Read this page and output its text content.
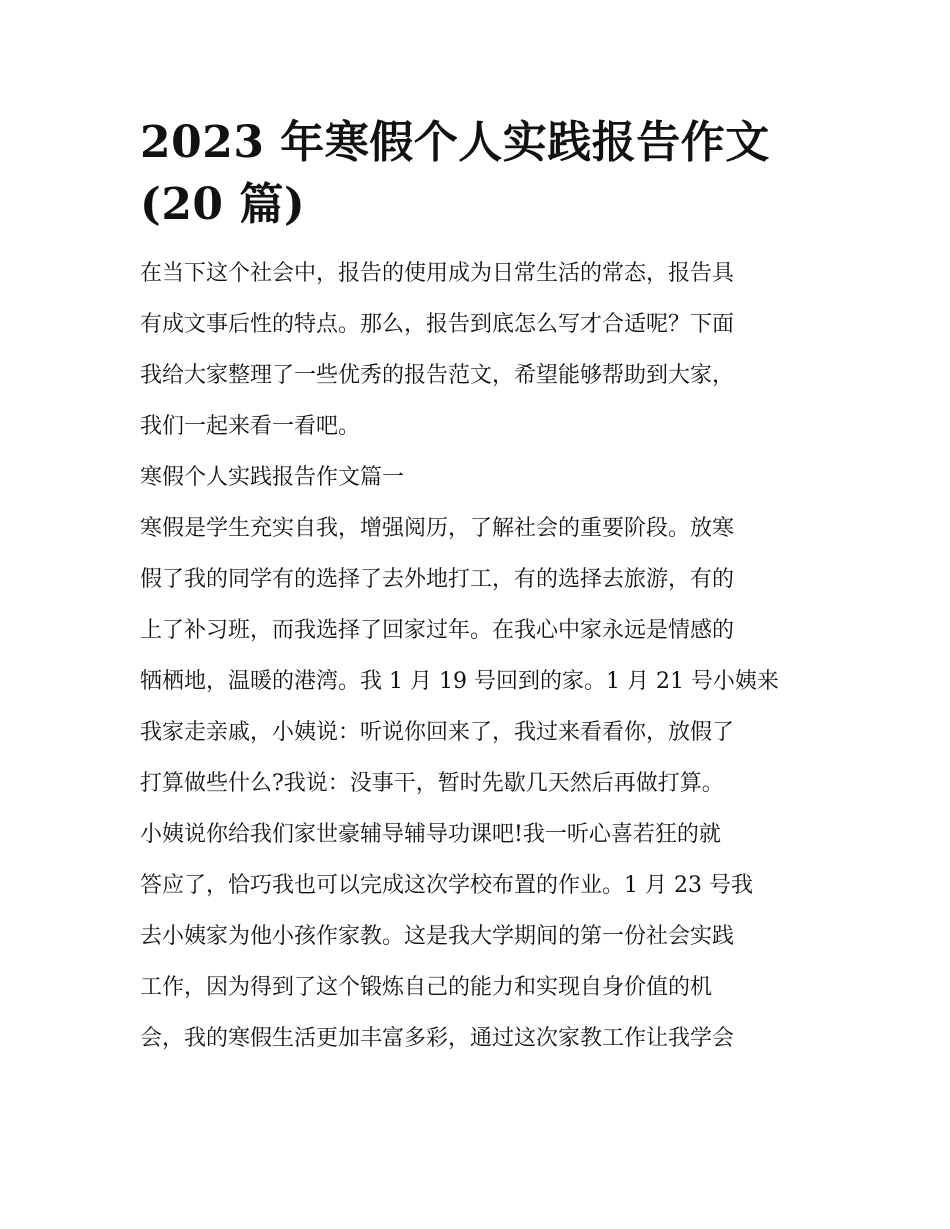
2023 年寒假个人实践报告作文
(20 篇)

在当下这个社会中，报告的使用成为日常生活的常态，报告具
有成文事后性的特点。那么，报告到底怎么写才合适呢？下面
我给大家整理了一些优秀的报告范文，希望能够帮助到大家，
我们一起来看一看吧。

寒假个人实践报告作文篇一

寒假是学生充实自我，增强阅历，了解社会的重要阶段。放寒
假了我的同学有的选择了去外地打工，有的选择去旅游，有的
上了补习班，而我选择了回家过年。在我心中家永远是情感的
牺栖地，温暖的港湾。我 1 月 19 号回到的家。1 月 21 号小姨来
我家走亲戚，小姨说：听说你回来了，我过来看看你，放假了
打算做些什么?我说：没事干，暂时先歇几天然后再做打算。
小姨说你给我们家世豪辅导辅导功课吧!我一听心喜若狂的就
答应了，恰巧我也可以完成这次学校布置的作业。1 月 23 号我
去小姨家为他小孩作家教。这是我大学期间的第一份社会实践
工作，因为得到了这个锻炼自己的能力和实现自身价值的机
会，我的寒假生活更加丰富多彩，通过这次家教工作让我学会
